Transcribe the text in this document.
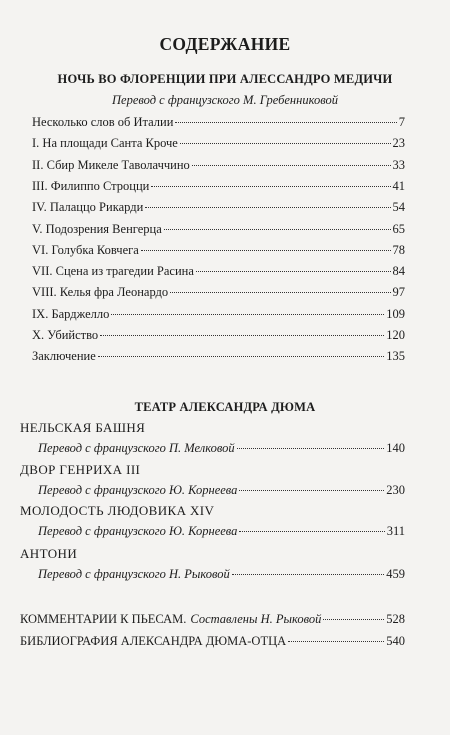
СОДЕРЖАНИЕ
НОЧЬ ВО ФЛОРЕНЦИИ ПРИ АЛЕССАНДРО МЕДИЧИ
Перевод с французского М. Гребенниковой
Несколько слов об Италии	7
I. На площади Санта Кроче	23
II. Сбир Микеле Таволаччино	33
III. Филиппо Строцци	41
IV. Палаццо Рикарди	54
V. Подозрения Венгерца	65
VI. Голубка Ковчега	78
VII. Сцена из трагедии Расина	84
VIII. Келья фра Леонардо	97
IX. Барджелло	109
X. Убийство	120
Заключение	135
ТЕАТР АЛЕКСАНДРА ДЮМА
НЕЛЬСКАЯ БАШНЯ
Перевод с французского П. Мелковой	140
ДВОР ГЕНРИХА III
Перевод с французского Ю. Корнеева	230
МОЛОДОСТЬ ЛЮДОВИКА XIV
Перевод с французского Ю. Корнеева	311
АНТОНИ
Перевод с французского Н. Рыковой	459
КОММЕНТАРИИ К ПЬЕСАМ. Составлены Н. Рыковой	528
БИБЛИОГРАФИЯ АЛЕКСАНДРА ДЮМА-ОТЦА	540
